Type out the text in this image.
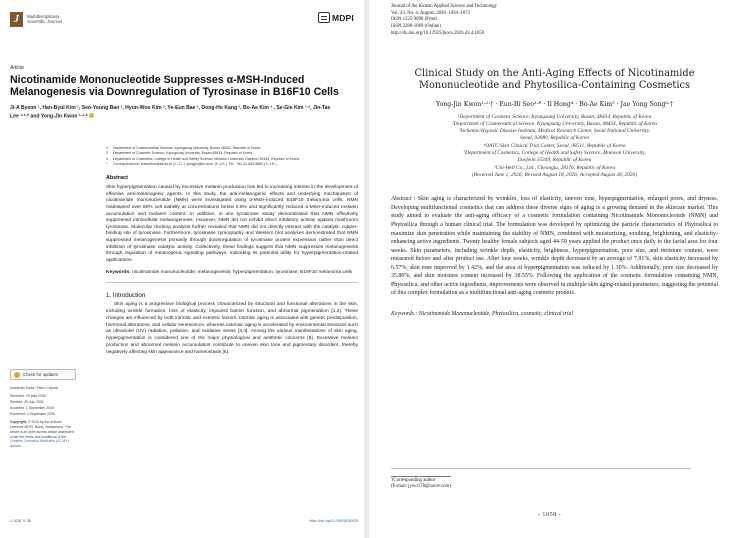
J	Multidisciplinary
Scientific Journal	MDPI
Article
Nicotinamide Mononucleotide Suppresses α-MSH-Induced Melanogenesis via Downregulation of Tyrosinase in B16F10 Cells
Ji-A Byeon ¹, Han-Byul Kim ², Seo-Young Ban ², Hyun-Woo Kim ², Ye-Eun Bae ², Dong-Ho Kang ², Bo-Ae Kim ³ , Se-Gie Kim ¹·², Jin-Tae Lee ¹·²·* and Yong-Jin Kwon ¹·²·*
Check for updates

Academic Editor: Pietro Capone

Received: 29 May 2026

Revised: 29 July 2026

Accepted: 1 September 2026

Published: 3 September 2026

Copyright: © 2026 by the authors. Licensee MDPI, Basel, Switzerland. This article is an open access article distributed under the terms and conditions of the Creative Commons Attribution (CC BY) license.

1 Department of Cosmeceutical Science, Kyungsung University, Busan 48434, Republic of Korea

2 Department of Cosmetic Science, Kyungsung University, Busan 48434, Republic of Korea

3 Department of Cosmetics, College of Health and Safety Science, Mokwon University, Daejeon 35349, Republic of Korea

*	Correspondence: kosmetics@ks.ac.kr (J.-T.L.); yongjin@ks.ac.kr (Y.-J.K.); Tel.: +82-51-663-5682 (Y.-J.K.)

Abstract

Skin hyperpigmentation caused by excessive melanin production has led to increasing interest in the development of effective anti-melanogenic agents. In this study, the anti-melanogenic effects and underlying mechanisms of nicotinamide mononucleotide (NMN) were investigated using α-MSH-induced B16F10 melanoma cells. NMN maintained over 80% cell viability at concentrations below 0.5% and significantly reduced α-MSH-induced melanin accumulation and melanin content. In addition, in situ tyrosinase assay demonstrated that NMN effectively suppressed intracellular melanogenesis. However, NMN did not exhibit direct inhibitory activity against mushroom tyrosinase. Molecular docking analysis further revealed that NMN did not directly interact with the catalytic copper-binding site of tyrosinase. Furthermore, tyrosinase zymography and Western blot analyses demonstrated that NMN suppressed melanogenesis primarily through downregulation of tyrosinase protein expression rather than direct inhibition of tyrosinase catalytic activity. Collectively, these findings suggest that NMN suppresses melanogenesis through regulation of melanogenic signaling pathways, indicating its potential utility for hyperpigmentation-related applications.

Keywords: nicotinamide mononucleotide; melanogenesis; hyperpigmentation; tyrosinase; B16F10 melanoma cells

1. Introduction

Skin aging is a progressive biological process characterized by structural and functional alterations in the skin, including wrinkle formation, loss of elasticity, impaired barrier function, and abnormal pigmentation [1,2]. These changes are influenced by both intrinsic and extrinsic factors. Intrinsic aging is associated with genetic predisposition, hormonal alterations, and cellular senescence, whereas extrinsic aging is accelerated by environmental stressors such as ultraviolet (UV) radiation, pollution, and oxidative stress [3,4]. Among the various manifestations of skin aging, hyperpigmentation is considered one of the major physiological and aesthetic concerns [5]. Excessive melanin production and abnormal melanin accumulation contribute to uneven skin tone and pigmentary disorders, thereby negatively affecting skin appearance and homeostasis [6].

J. 2026, 9, 28	https://doi.org/10.3390/j9030028
Journal of the Korean Applied Science and Technology
Vol. 43, No. 4. August, 2026. 1058~1073
ISSN 1225-9098 (Print)
ISSN 2288-1069 (Online)
http://dx.doi.org/10.12925/jkocs.2026.43.4.1058
Clinical Study on the Anti-Aging Effects of Nicotinamide
Mononucleotide and Phytosilica-Containing Cosmetics
Yong-Jin Kwon¹·²·† · Eun-Bi Seo³·* · Il Hong⁴ · Bo-Ae Kim⁵ · Jae Yong Song⁶·†
¹Department of Cosmetic Science, Kyungsung University, Busan, 48434, Republic of Korea
²Department of Cosmeceutical Science, Kyungsung University, Busan, 48434, Republic of Korea
³Ischemic/Hypoxic Disease Institute, Medical Research Center, Seoul National University,
Seoul, 03080, Republic of Korea
⁴OATC Skin Clinical Trial Center, Seoul, 08511, Republic of Korea
⁵Department of Cosmetics, College of Health and Safety Science, Mokwon University,
Daejeon 35349, Republic of Korea
⁶Uni-Well Co., Ltd., Cheongju, 28176, Republic of Korea
(Received June 1, 2026; Revised August 18, 2026; Accepted August 26, 2026)

Abstract : Skin aging is characterized by wrinkles, loss of elasticity, uneven tone, hyperpigmentation, enlarged pores, and dryness. Developing multifunctional cosmetics that can address these diverse signs of aging is a growing demand in the skincare market. This study aimed to evaluate the anti-aging efficacy of a cosmetic formulation containing Nicotinamide Mononucleotide (NMN) and Phytosilica through a human clinical trial. The formulation was developed by optimizing the particle characteristics of Phytosilica to maximize skin penetration while maintaining the stability of NMN, combined with moisturizing, soothing, brightening, and elasticity-enhancing active ingredients. Twenty healthy female subjects aged 44-59 years applied the product once daily to the facial area for four weeks. Skin parameters, including wrinkle depth, elasticity, brightness, hyperpigmentation, pore size, and moisture content, were measured before and after product use. After four weeks, wrinkle depth decreased by an average of 7.91%, skin elasticity increased by 6.57%, skin tone improved by 1.42%, and the area of hyperpigmentation was reduced by 1.30%. Additionally, pore size decreased by 35.80%, and skin moisture content increased by 38.55%. Following the application of the cosmetic formulation containing NMN, Phytosilica, and other active ingredients, improvements were observed in multiple skin aging-related parameters, suggesting the potential of this complex formulation as a multifunctional anti-aging cosmetic product.

Keywords : Nicotinamide Mononucleotide, Phytosilica, cosmetic, clinical trial

†Corresponding author
(E-mail: jywo178@naver.com)
- 1058 -
